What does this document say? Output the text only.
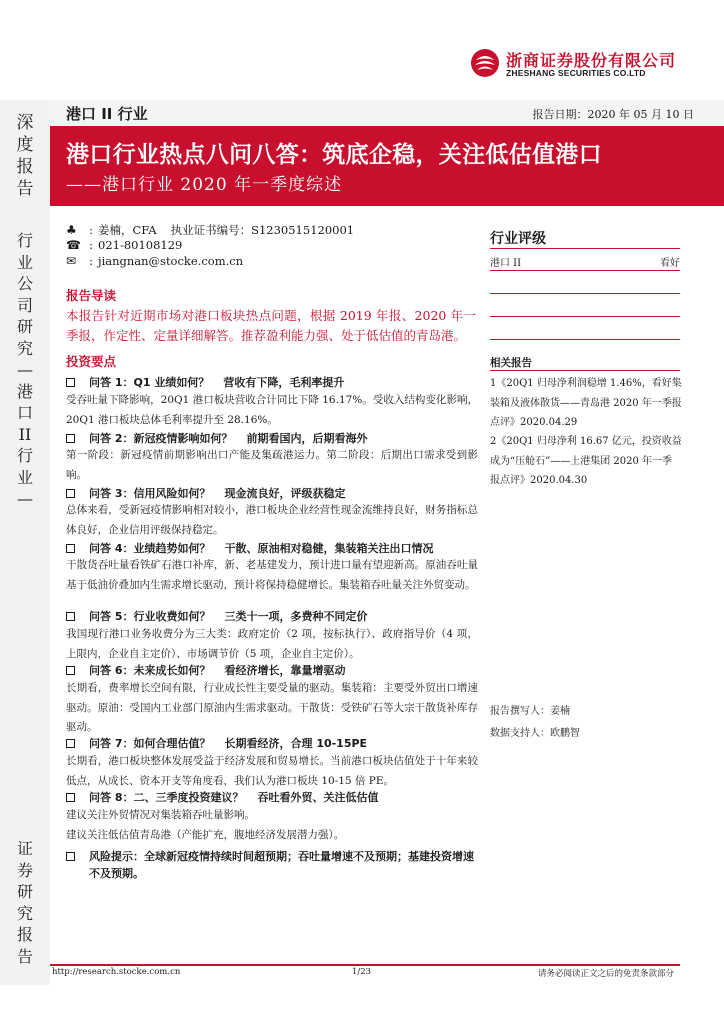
浙商证券股份有限公司
ZHESHANG SECURITIES CO.LTD
深
度
报
告
行
业
公
司
研
究
—
港
口
II
行
业
—
证
券
研
究
报
告
港口 II 行业	报告日期：2020 年 05 月 10 日
港口行业热点八问八答：筑底企稳，关注低估值港口
——港口行业 2020 年一季度综述
♣ : 姜楠，CFA 执业证书编号：S1230515120001
☎ : 021-80108129
✉ : jiangnan@stocke.com.cn
行业评级
港口 II	看好
相关报告
1《20Q1 归母净利润稳增 1.46%，看好集装箱及液体散货——青岛港 2020 年一季报点评》2020.04.29
2《20Q1 归母净利 16.67 亿元，投资收益成为“压舱石”——上港集团 2020 年一季报点评》2020.04.30
报告撰写人：姜楠
数据支持人：欧鹏智
报告导读
本报告针对近期市场对港口板块热点问题，根据 2019 年报、2020 年一季报，作定性、定量详细解答。推荐盈利能力强、处于低估值的青岛港。
投资要点
问答 1：Q1 业绩如何？ 营收有下降，毛利率提升
受吞吐量下降影响，20Q1 港口板块营收合计同比下降 16.17%。受收入结构变化影响，20Q1 港口板块总体毛利率提升至 28.16%。
问答 2：新冠疫情影响如何？ 前期看国内，后期看海外
第一阶段：新冠疫情前期影响出口产能及集疏港运力。第二阶段：后期出口需求受到影响。
问答 3：信用风险如何？ 现金流良好，评级获稳定
总体来看，受新冠疫情影响相对较小，港口板块企业经营性现金流维持良好，财务指标总体良好，企业信用评级保持稳定。
问答 4：业绩趋势如何？ 干散、原油相对稳健，集装箱关注出口情况
干散货吞吐量看铁矿石港口补库，新、老基建发力，预计进口量有望迎新高。原油吞吐量基于低油价叠加内生需求增长驱动，预计将保持稳健增长。集装箱吞吐量关注外贸变动。
问答 5：行业收费如何？ 三类十一项，多费种不同定价
我国现行港口业务收费分为三大类：政府定价（2 项，按标执行）、政府指导价（4 项，上限内，企业自主定价）、市场调节价（5 项，企业自主定价）。
问答 6：未来成长如何？ 看经济增长，靠量增驱动
长期看，费率增长空间有限，行业成长性主要受量的驱动。集装箱：主要受外贸出口增速驱动。原油：受国内工业部门原油内生需求驱动。干散货：受铁矿石等大宗干散货补库存驱动。
问答 7：如何合理估值？ 长期看经济，合理 10-15PE
长期看，港口板块整体发展受益于经济发展和贸易增长。当前港口板块估值处于十年来较低点，从成长、资本开支等角度看，我们认为港口板块 10-15 倍 PE。
问答 8：二、三季度投资建议？ 吞吐看外贸、关注低估值
建议关注外贸情况对集装箱吞吐量影响。
建议关注低估值青岛港（产能扩充，腹地经济发展潜力强）。
风险提示：全球新冠疫情持续时间超预期；吞吐量增速不及预期；基建投资增速不及预期。
http://research.stocke.com.cn	1/23	请务必阅读正文之后的免责条款部分
